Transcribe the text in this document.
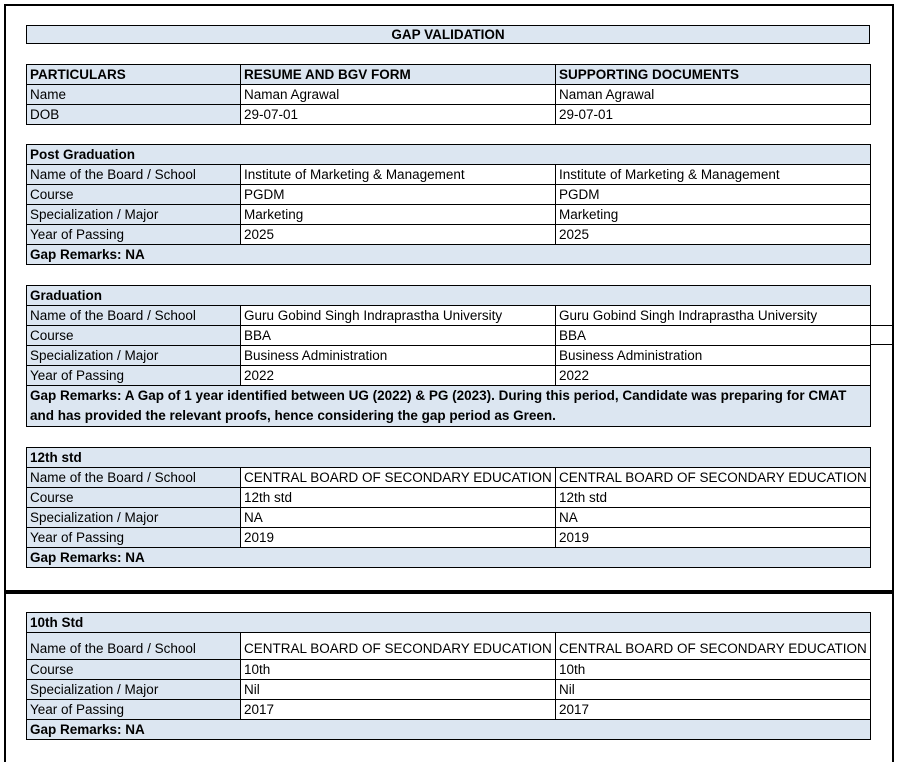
GAP VALIDATION
PARTICULARS	RESUME AND BGV FORM	SUPPORTING DOCUMENTS
Name	Naman Agrawal	Naman Agrawal
DOB	29-07-01	29-07-01
Post Graduation		
Name of the Board / School	Institute of Marketing & Management	Institute of Marketing & Management
Course	PGDM	PGDM
Specialization / Major	Marketing	Marketing
Year of Passing	2025	2025
Gap Remarks: NA		
Graduation		
Name of the Board / School	Guru Gobind Singh Indraprastha University	Guru Gobind Singh Indraprastha University
Course	BBA	BBA
Specialization / Major	Business Administration	Business Administration
Year of Passing	2022	2022
Gap Remarks: A Gap of 1 year identified between UG (2022) & PG (2023). During this period, Candidate was preparing for CMAT and has provided the relevant proofs, hence considering the gap period as Green.		
12th std		
Name of the Board / School	CENTRAL BOARD OF SECONDARY EDUCATION	CENTRAL BOARD OF SECONDARY EDUCATION
Course	12th std	12th std
Specialization / Major	NA	NA
Year of Passing	2019	2019
Gap Remarks: NA		
10th Std		
Name of the Board / School	CENTRAL BOARD OF SECONDARY EDUCATION	CENTRAL BOARD OF SECONDARY EDUCATION
Course	10th	10th
Specialization / Major	Nil	Nil
Year of Passing	2017	2017
Gap Remarks: NA		
